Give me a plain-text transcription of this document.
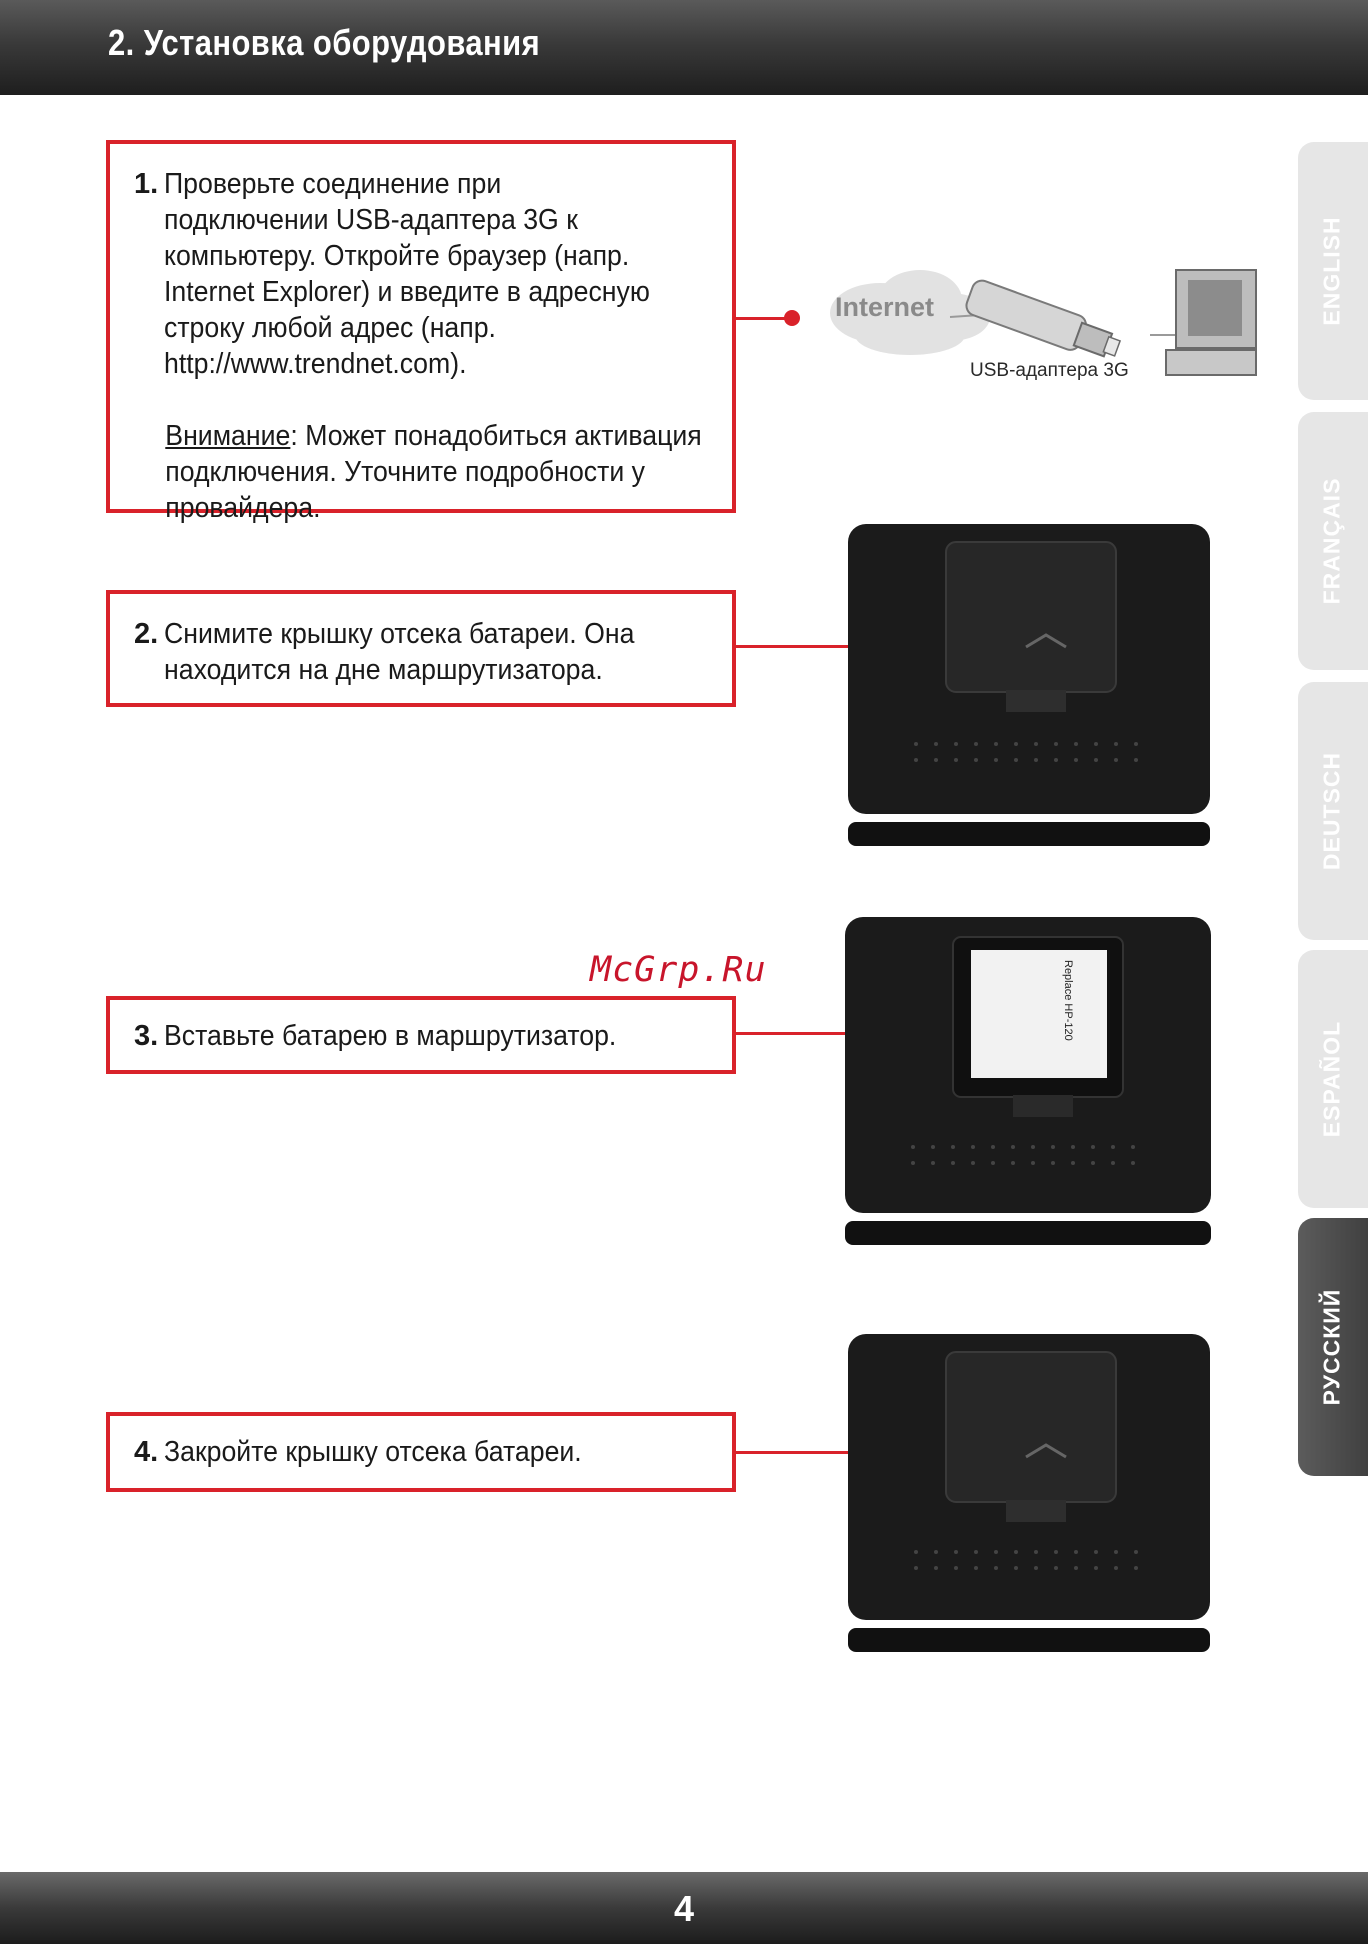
2. Установка оборудования
ENGLISH
FRANÇAIS
DEUTSCH
ESPAÑOL
РУССКИЙ
1. Проверьте соединение при подключении USB-адаптера 3G к компьютеру. Откройте браузер (напр. Internet Explorer) и введите в адресную строку любой адрес (напр. http://www.trendnet.com).
Внимание: Может понадобиться активация подключения. Уточните подробности у провайдера.
Internet
USB-адаптера 3G
2. Снимите крышку отсека батареи. Она находится на дне маршрутизатора.
McGrp.Ru
3. Вставьте батарею в маршрутизатор.	Replace HP-120
4. Закройте крышку отсека батареи.
4
